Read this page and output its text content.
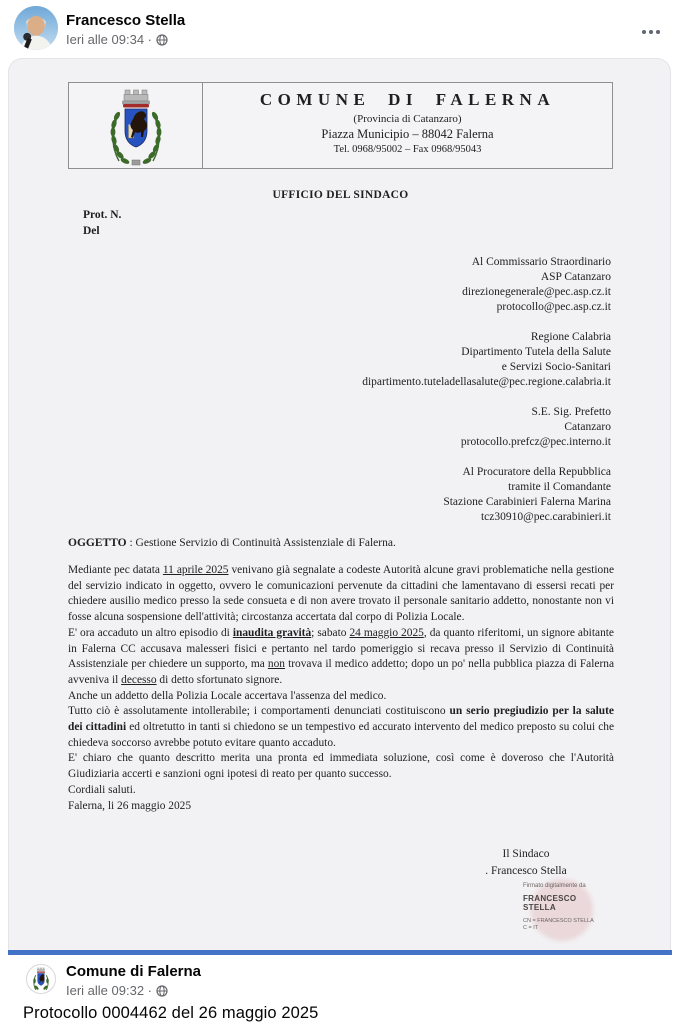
Francesco Stella
Ieri alle 09:34 ·
COMUNE DI FALERNA
(Provincia di Catanzaro)
Piazza Municipio – 88042 Falerna
Tel. 0968/95002 – Fax 0968/95043
UFFICIO DEL SINDACO
Prot. N.
Del
Al Commissario Straordinario
ASP Catanzaro
direzionegenerale@pec.asp.cz.it
protocollo@pec.asp.cz.it
Regione Calabria
Dipartimento Tutela della Salute
e Servizi Socio-Sanitari
dipartimento.tuteladellasalute@pec.regione.calabria.it
S.E. Sig. Prefetto
Catanzaro
protocollo.prefcz@pec.interno.it
Al Procuratore della Repubblica
tramite il Comandante
Stazione Carabinieri Falerna Marina
tcz30910@pec.carabinieri.it
OGGETTO : Gestione Servizio di Continuità Assistenziale di Falerna.
Mediante pec datata 11 aprile 2025 venivano già segnalate a codeste Autorità alcune gravi problematiche nella gestione del servizio indicato in oggetto, ovvero le comunicazioni pervenute da cittadini che lamentavano di essersi recati per chiedere ausilio medico presso la sede consueta e di non avere trovato il personale sanitario addetto, nonostante non vi fosse alcuna sospensione dell'attività; circostanza accertata dal corpo di Polizia Locale.
E' ora accaduto un altro episodio di inaudita gravità; sabato 24 maggio 2025, da quanto riferitomi, un signore abitante in Falerna CC accusava malesseri fisici e pertanto nel tardo pomeriggio si recava presso il Servizio di Continuità Assistenziale per chiedere un supporto, ma non trovava il medico addetto; dopo un po' nella pubblica piazza di Falerna avveniva il decesso di detto sfortunato signore.
Anche un addetto della Polizia Locale accertava l'assenza del medico.
Tutto ciò è assolutamente intollerabile; i comportamenti denunciati costituiscono un serio pregiudizio per la salute dei cittadini ed oltretutto in tanti si chiedono se un tempestivo ed accurato intervento del medico preposto su colui che chiedeva soccorso avrebbe potuto evitare quanto accaduto.
E' chiaro che quanto descritto merita una pronta ed immediata soluzione, così come è doveroso che l'Autorità Giudiziaria accerti e sanzioni ogni ipotesi di reato per quanto successo.
Cordiali saluti.
Falerna, li 26 maggio 2025
Il Sindaco
. Francesco Stella
Firmato digitalmente da
FRANCESCO STELLA
CN = FRANCESCO STELLA
C = IT
Comune di Falerna
Ieri alle 09:32 ·
Protocollo 0004462 del 26 maggio 2025
